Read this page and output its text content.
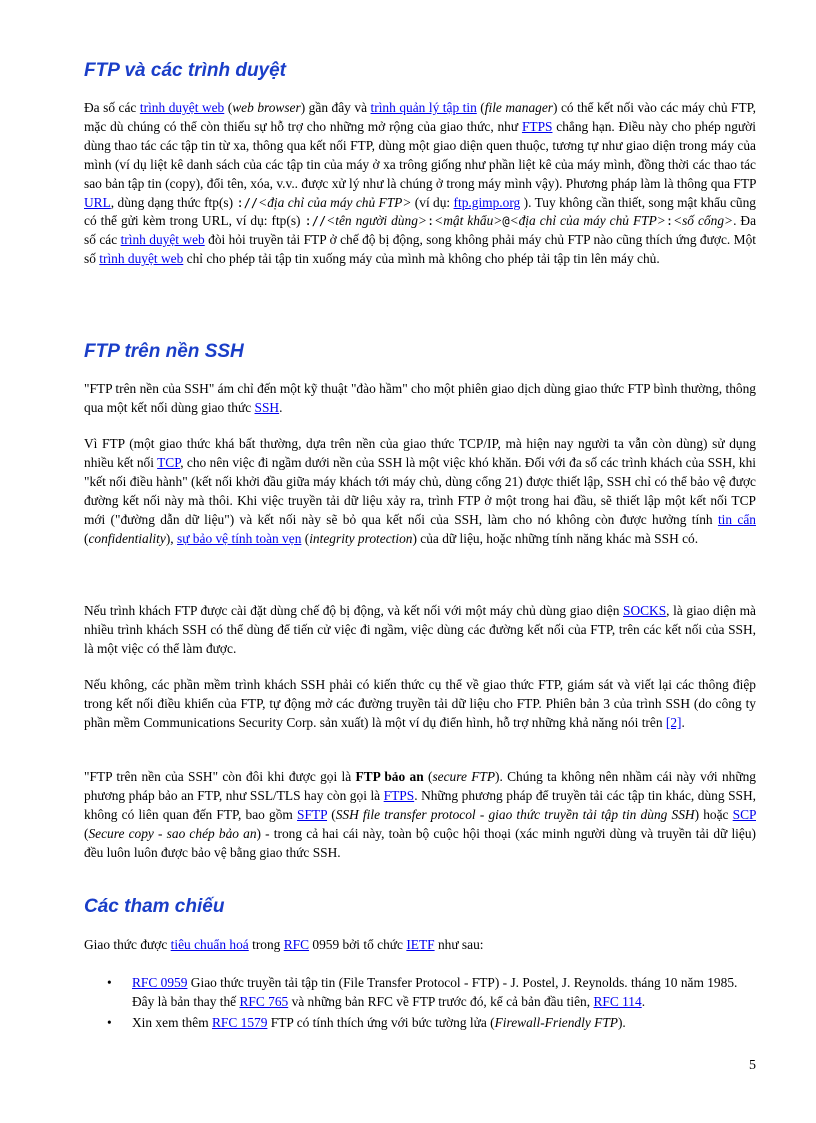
FTP và các trình duyệt

Đa số các trình duyệt web (web browser) gần đây và trình quản lý tập tin (file manager) có thể kết nối vào các máy chủ FTP, mặc dù chúng có thể còn thiếu sự hỗ trợ cho những mở rộng của giao thức, như FTPS chẳng hạn. Điều này cho phép người dùng thao tác các tập tin từ xa, thông qua kết nối FTP, dùng một giao diện quen thuộc, tương tự như giao diện trong máy của mình (ví dụ liệt kê danh sách của các tập tin của máy ở xa trông giống như phần liệt kê của máy mình, đồng thời các thao tác sao bản tập tin (copy), đổi tên, xóa, v.v.. được xử lý như là chúng ở trong máy mình vậy). Phương pháp làm là thông qua FTP URL, dùng dạng thức ftp(s) ://<địa chỉ của máy chủ FTP> (ví dụ: ftp.gimp.org ). Tuy không cần thiết, song mật khẩu cũng có thể gửi kèm trong URL, ví dụ: ftp(s) ://<tên người dùng>:<mật khẩu>@<địa chỉ của máy chủ FTP>:<số cổng>. Đa số các trình duyệt web đòi hỏi truyền tải FTP ở chế độ bị động, song không phải máy chủ FTP nào cũng thích ứng được. Một số trình duyệt web chỉ cho phép tải tập tin xuống máy của mình mà không cho phép tải tập tin lên máy chủ.

FTP trên nền SSH

"FTP trên nền của SSH" ám chỉ đến một kỹ thuật "đào hầm" cho một phiên giao dịch dùng giao thức FTP bình thường, thông qua một kết nối dùng giao thức SSH.

Vì FTP (một giao thức khá bất thường, dựa trên nền của giao thức TCP/IP, mà hiện nay người ta vẫn còn dùng) sử dụng nhiều kết nối TCP, cho nên việc đi ngầm dưới nền của SSH là một việc khó khăn. Đối với đa số các trình khách của SSH, khi "kết nối điều hành" (kết nối khởi đầu giữa máy khách tới máy chủ, dùng cổng 21) được thiết lập, SSH chỉ có thể bảo vệ được đường kết nối này mà thôi. Khi việc truyền tải dữ liệu xảy ra, trình FTP ở một trong hai đầu, sẽ thiết lập một kết nối TCP mới ("đường dẫn dữ liệu") và kết nối này sẽ bỏ qua kết nối của SSH, làm cho nó không còn được hưởng tính tin cẩn (confidentiality), sự bảo vệ tính toàn vẹn (integrity protection) của dữ liệu, hoặc những tính năng khác mà SSH có.

Nếu trình khách FTP được cài đặt dùng chế độ bị động, và kết nối với một máy chủ dùng giao diện SOCKS, là giao diện mà nhiều trình khách SSH có thể dùng để tiến cử việc đi ngầm, việc dùng các đường kết nối của FTP, trên các kết nối của SSH, là một việc có thể làm được.

Nếu không, các phần mềm trình khách SSH phải có kiến thức cụ thể về giao thức FTP, giám sát và viết lại các thông điệp trong kết nối điều khiển của FTP, tự động mở các đường truyền tải dữ liệu cho FTP. Phiên bản 3 của trình SSH (do công ty phần mềm Communications Security Corp. sản xuất) là một ví dụ điển hình, hỗ trợ những khả năng nói trên [2].

"FTP trên nền của SSH" còn đôi khi được gọi là FTP bảo an (secure FTP). Chúng ta không nên nhầm cái này với những phương pháp bảo an FTP, như SSL/TLS hay còn gọi là FTPS. Những phương pháp để truyền tải các tập tin khác, dùng SSH, không có liên quan đến FTP, bao gồm SFTP (SSH file transfer protocol - giao thức truyền tải tập tin dùng SSH) hoặc SCP (Secure copy - sao chép bảo an) - trong cả hai cái này, toàn bộ cuộc hội thoại (xác minh người dùng và truyền tải dữ liệu) đều luôn luôn được bảo vệ bằng giao thức SSH.

Các tham chiếu

Giao thức được tiêu chuẩn hoá trong RFC 0959 bởi tổ chức IETF như sau:

• RFC 0959 Giao thức truyền tải tập tin (File Transfer Protocol - FTP) - J. Postel, J. Reynolds. tháng 10 năm 1985. Đây là bản thay thế RFC 765 và những bản RFC về FTP trước đó, kể cả bản đầu tiên, RFC 114.
• Xin xem thêm RFC 1579 FTP có tính thích ứng với bức tường lửa (Firewall-Friendly FTP).
5
